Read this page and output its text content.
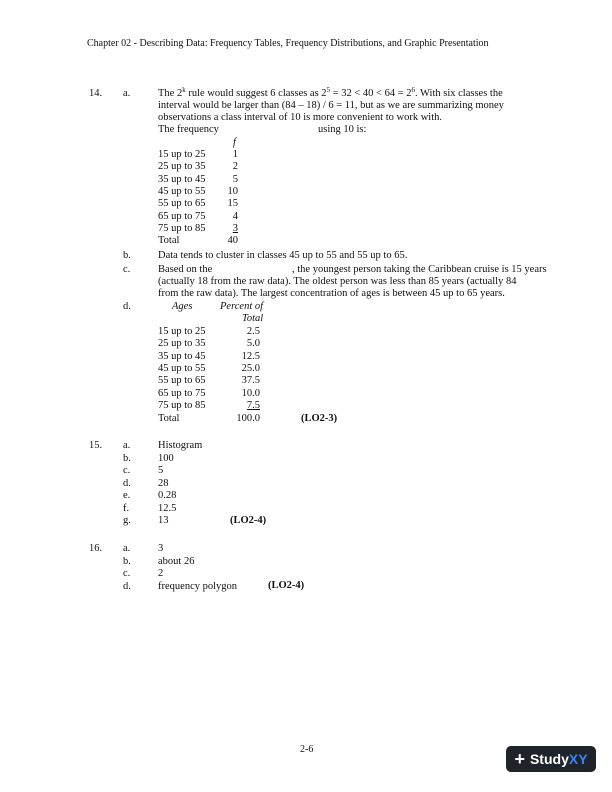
Chapter 02 - Describing Data: Frequency Tables, Frequency Distributions, and Graphic Presentation
14. a.	The 2$^k$ rule would suggest 6 classes as $2^5 = 32 < 40 < 64 = 2^6$. With six classes the
interval would be larger than (84 – 18) / 6 = 11, but as we are summarizing money
observations a class interval of 10 is more convenient to work with.
The frequency	using 10 is:
f
15 up to 25	1
25 up to 35	2
35 up to 45	5
45 up to 55	10
55 up to 65	15
65 up to 75	4
75 up to 85	3
Total	40
b.	Data tends to cluster in classes 45 up to 55 and 55 up to 65.
c.	Based on the	, the youngest person taking the Caribbean cruise is 15 years
(actually 18 from the raw data). The oldest person was less than 85 years (actually 84
from the raw data). The largest concentration of ages is between 45 up to 65 years.
d.	Ages	Percent of
Total
15 up to 25	2.5
25 up to 35	5.0
35 up to 45	12.5
45 up to 55	25.0
55 up to 65	37.5
65 up to 75	10.0
75 up to 85	7.5
Total	100.0	(LO2-3)
15. a.	Histogram
b.	100
c.	5
d.	28
e.	0.28
f.	12.5
g.	13	(LO2-4)
16. a.	3
b.	about 26
c.	2
d.	frequency polygon	(LO2-4)
2-6	+ Study XY
